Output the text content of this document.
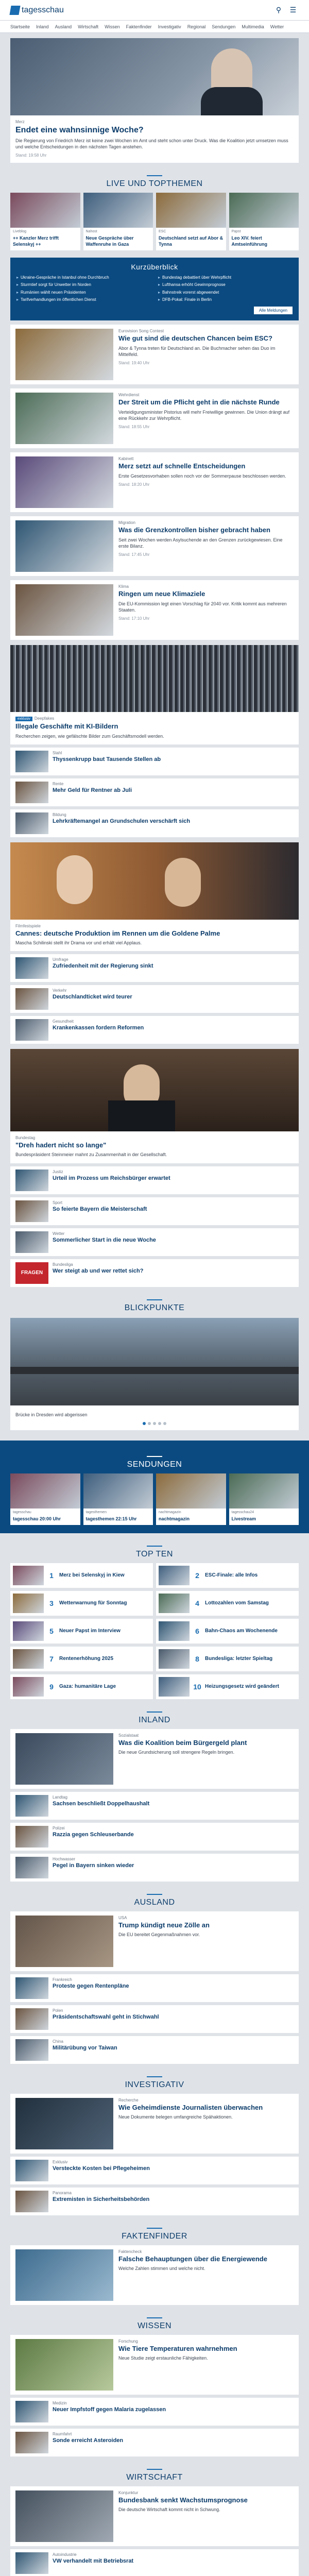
tagesschau	⚲	☰
Startseite Inland Ausland Wirtschaft Wissen Faktenfinder Investigativ Regional Sendungen Multimedia Wetter
Merz
Endet eine wahnsinnige Woche?
Die Regierung von Friedrich Merz ist keine zwei Wochen im Amt und steht schon unter Druck. Was die Koalition jetzt umsetzen muss und welche Entscheidungen in den nächsten Tagen anstehen.
Stand: 19:58 Uhr
LIVE UND TOPTHEMEN
Liveblog
++ Kanzler Merz trifft Selenskyj ++
Nahost
Neue Gespräche über Waffenruhe in Gaza
ESC
Deutschland setzt auf Abor & Tynna
Papst
Leo XIV. feiert Amtseinführung
Kurzüberblick
▸ Ukraine-Gespräche in Istanbul ohne Durchbruch	▸ Bundestag debattiert über Wehrpflicht
▸ Sturmtief sorgt für Unwetter im Norden	▸ Lufthansa erhöht Gewinnprognose
▸ Rumänien wählt neuen Präsidenten	▸ Bahnstreik vorerst abgewendet
▸ Tarifverhandlungen im öffentlichen Dienst	▸ DFB-Pokal: Finale in Berlin
Alle Meldungen
Eurovision Song Contest
Wie gut sind die deutschen Chancen beim ESC?
Abor & Tynna treten für Deutschland an. Die Buchmacher sehen das Duo im Mittelfeld.
Stand: 19:40 Uhr
Wehrdienst
Der Streit um die Pflicht geht in die nächste Runde
Verteidigungsminister Pistorius will mehr Freiwillige gewinnen. Die Union drängt auf eine Rückkehr zur Wehrpflicht.
Stand: 18:55 Uhr
Kabinett
Merz setzt auf schnelle Entscheidungen
Erste Gesetzesvorhaben sollen noch vor der Sommerpause beschlossen werden.
Stand: 18:20 Uhr
Migration
Was die Grenzkontrollen bisher gebracht haben
Seit zwei Wochen werden Asylsuchende an den Grenzen zurückgewiesen. Eine erste Bilanz.
Stand: 17:45 Uhr
Klima
Ringen um neue Klimaziele
Die EU-Kommission legt einen Vorschlag für 2040 vor. Kritik kommt aus mehreren Staaten.
Stand: 17:10 Uhr
exklusiv Deepfakes
Illegale Geschäfte mit KI-Bildern
Recherchen zeigen, wie gefälschte Bilder zum Geschäftsmodell werden.
Stahl
Thyssenkrupp baut Tausende Stellen ab
Rente
Mehr Geld für Rentner ab Juli
Bildung
Lehrkräftemangel an Grundschulen verschärft sich
Filmfestspiele
Cannes: deutsche Produktion im Rennen um die Goldene Palme
Mascha Schilinski stellt ihr Drama vor und erhält viel Applaus.
Umfrage
Zufriedenheit mit der Regierung sinkt
Verkehr
Deutschlandticket wird teurer
Gesundheit
Krankenkassen fordern Reformen
Bundestag
"Dreh hadert nicht so lange"
Bundespräsident Steinmeier mahnt zu Zusammenhalt in der Gesellschaft.
Justiz
Urteil im Prozess um Reichsbürger erwartet
Sport
So feierte Bayern die Meisterschaft
Wetter
Sommerlicher Start in die neue Woche
FRAGEN
Bundesliga
Wer steigt ab und wer rettet sich?
BLICKPUNKTE
Brücke in Dresden wird abgerissen
SENDUNGEN
tagesschau
tagesschau 20:00 Uhr
tagesthemen
tagesthemen 22:15 Uhr
nachtmagazin
nachtmagazin
tagesschau24
Livestream
TOP TEN
1	Merz bei Selenskyj in Kiew	2	ESC-Finale: alle Infos
3	Wetterwarnung für Sonntag	4	Lottozahlen vom Samstag
5	Neuer Papst im Interview	6	Bahn-Chaos am Wochenende
7	Rentenerhöhung 2025	8	Bundesliga: letzter Spieltag
9	Gaza: humanitäre Lage	10 Heizungsgesetz wird geändert
INLAND
Sozialstaat
Was die Koalition beim Bürgergeld plant
Die neue Grundsicherung soll strengere Regeln bringen.
Landtag
Sachsen beschließt Doppelhaushalt
Polizei
Razzia gegen Schleuserbande
Hochwasser
Pegel in Bayern sinken wieder
AUSLAND
USA
Trump kündigt neue Zölle an
Die EU bereitet Gegenmaßnahmen vor.
Frankreich
Proteste gegen Rentenpläne
Polen
Präsidentschaftswahl geht in Stichwahl
China
Militärübung vor Taiwan
INVESTIGATIV
Recherche
Wie Geheimdienste Journalisten überwachen
Neue Dokumente belegen umfangreiche Spähaktionen.
Exklusiv
Versteckte Kosten bei Pflegeheimen
Panorama
Extremisten in Sicherheitsbehörden
FAKTENFINDER
Faktencheck
Falsche Behauptungen über die Energiewende
Welche Zahlen stimmen und welche nicht.
WISSEN
Forschung
Wie Tiere Temperaturen wahrnehmen
Neue Studie zeigt erstaunliche Fähigkeiten.
Medizin
Neuer Impfstoff gegen Malaria zugelassen
Raumfahrt
Sonde erreicht Asteroiden
WIRTSCHAFT
Konjunktur
Bundesbank senkt Wachstumsprognose
Die deutsche Wirtschaft kommt nicht in Schwung.
Autoindustrie
VW verhandelt mit Betriebsrat
